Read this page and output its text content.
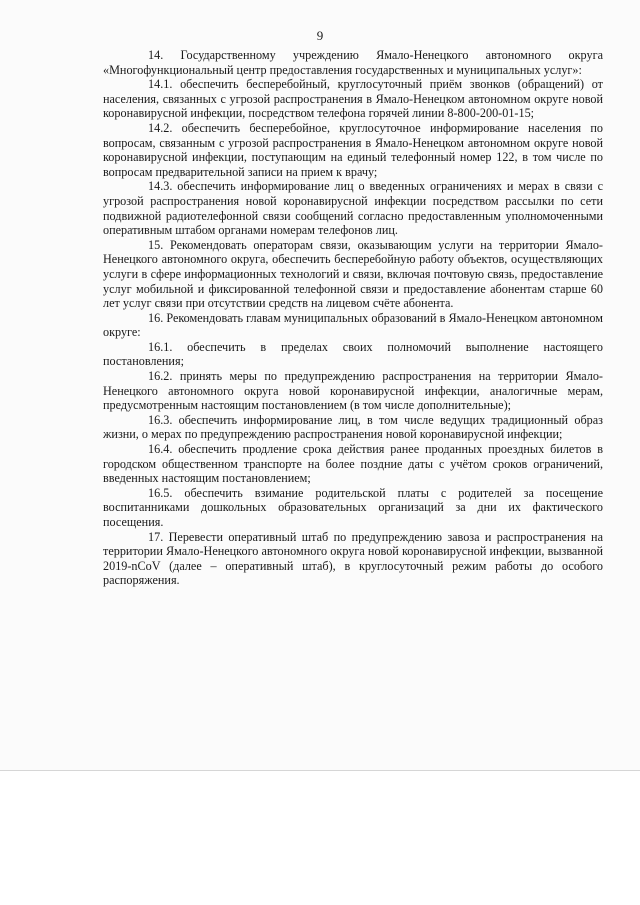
9

14. Государственному учреждению Ямало-Ненецкого автономного округа «Многофункциональный центр предоставления государственных и муниципальных услуг»:

14.1. обеспечить бесперебойный, круглосуточный приём звонков (обращений) от населения, связанных с угрозой распространения в Ямало-Ненецком автономном округе новой коронавирусной инфекции, посредством телефона горячей линии 8-800-200-01-15;

14.2. обеспечить бесперебойное, круглосуточное информирование населения по вопросам, связанным с угрозой распространения в Ямало-Ненецком автономном округе новой коронавирусной инфекции, поступающим на единый телефонный номер 122, в том числе по вопросам предварительной записи на прием к врачу;

14.3. обеспечить информирование лиц о введенных ограничениях и мерах в связи с угрозой распространения новой коронавирусной инфекции посредством рассылки по сети подвижной радиотелефонной связи сообщений согласно предоставленным уполномоченными оперативным штабом органами номерам телефонов лиц.

15. Рекомендовать операторам связи, оказывающим услуги на территории Ямало-Ненецкого автономного округа, обеспечить бесперебойную работу объектов, осуществляющих услуги в сфере информационных технологий и связи, включая почтовую связь, предоставление услуг мобильной и фиксированной телефонной связи и предоставление абонентам старше 60 лет услуг связи при отсутствии средств на лицевом счёте абонента.

16. Рекомендовать главам муниципальных образований в Ямало-Ненецком автономном округе:

16.1. обеспечить в пределах своих полномочий выполнение настоящего постановления;

16.2. принять меры по предупреждению распространения на территории Ямало-Ненецкого автономного округа новой коронавирусной инфекции, аналогичные мерам, предусмотренным настоящим постановлением (в том числе дополнительные);

16.3. обеспечить информирование лиц, в том числе ведущих традиционный образ жизни, о мерах по предупреждению распространения новой коронавирусной инфекции;

16.4. обеспечить продление срока действия ранее проданных проездных билетов в городском общественном транспорте на более поздние даты с учётом сроков ограничений, введенных настоящим постановлением;

16.5. обеспечить взимание родительской платы с родителей за посещение воспитанниками дошкольных образовательных организаций за дни их фактического посещения.

17. Перевести оперативный штаб по предупреждению завоза и распространения на территории Ямало-Ненецкого автономного округа новой коронавирусной инфекции, вызванной 2019-nCoV (далее – оперативный штаб), в круглосуточный режим работы до особого распоряжения.
